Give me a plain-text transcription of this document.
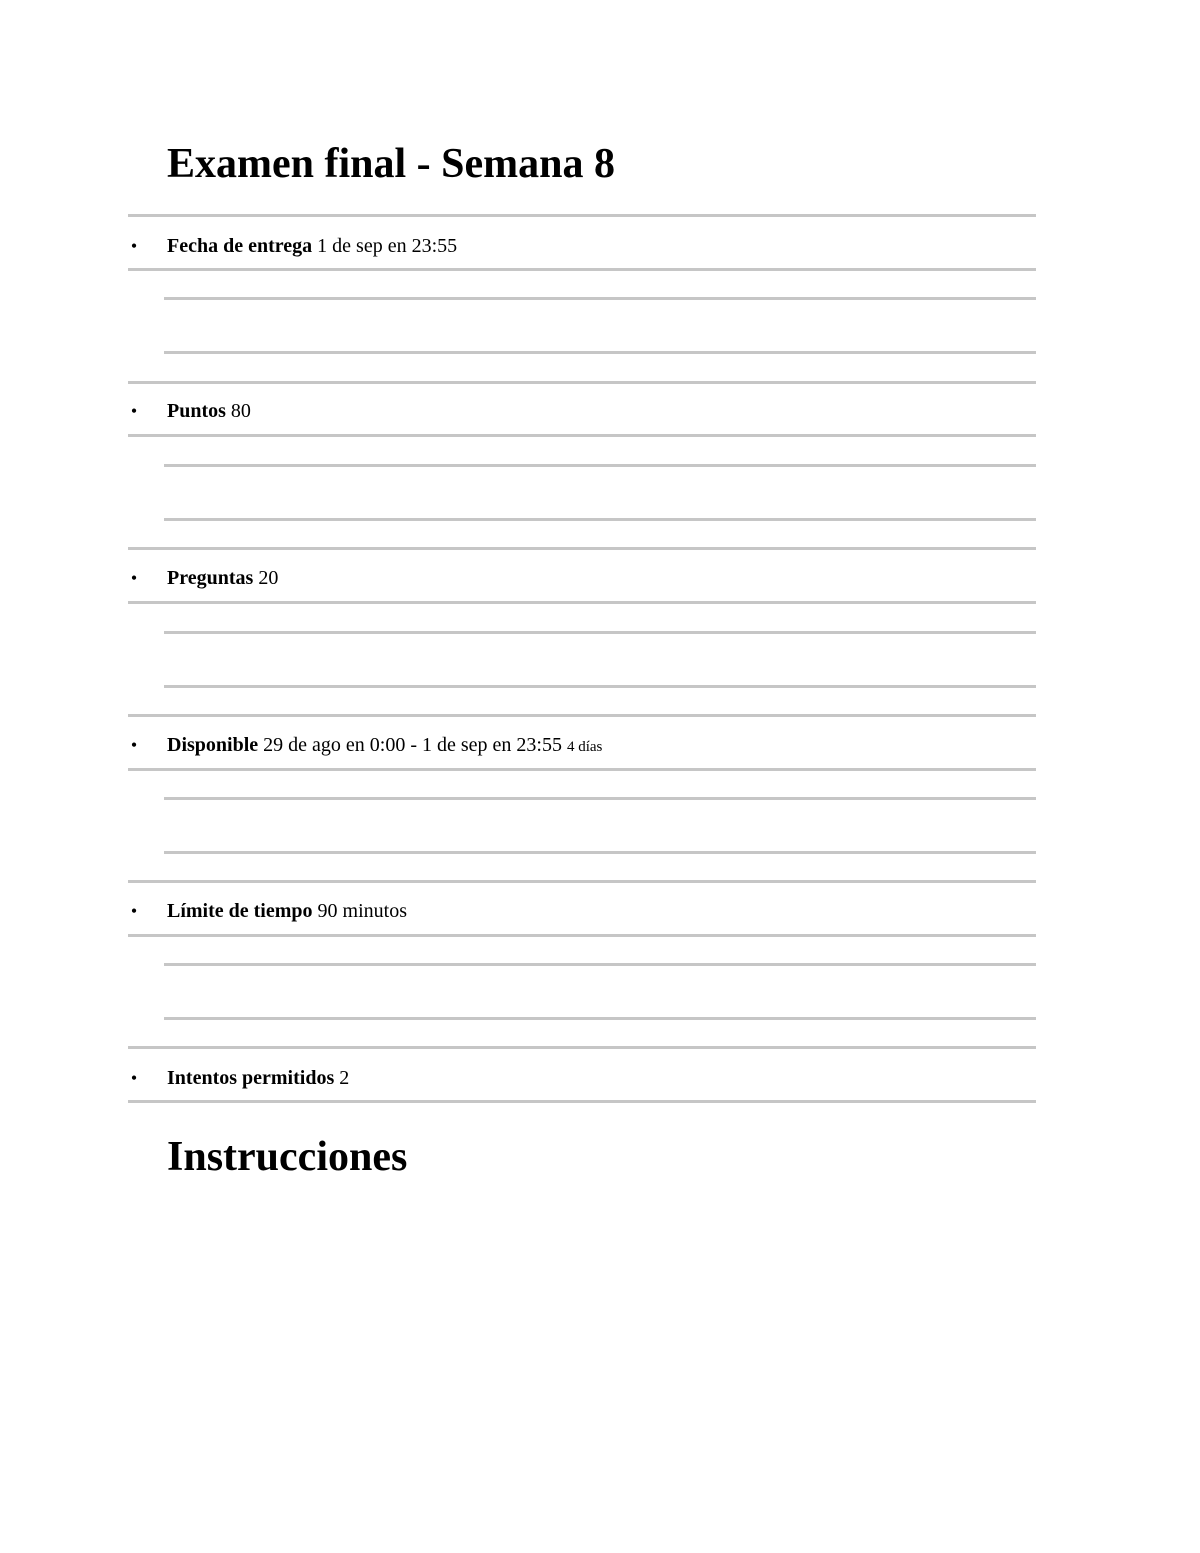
Examen final - Semana 8
• Fecha de entrega 1 de sep en 23:55
• Puntos 80
• Preguntas 20
• Disponible 29 de ago en 0:00 - 1 de sep en 23:55 4 días
• Límite de tiempo 90 minutos
• Intentos permitidos 2
Instrucciones
